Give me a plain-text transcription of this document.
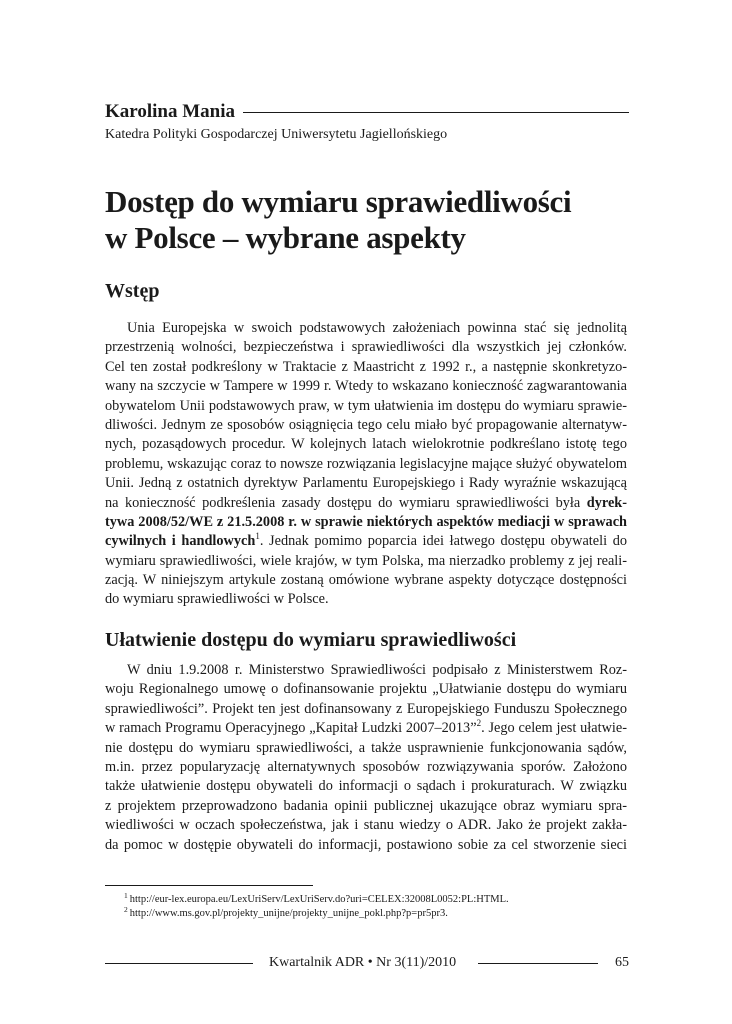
Karolina Mania
Katedra Polityki Gospodarczej Uniwersytetu Jagiellońskiego
Dostęp do wymiaru sprawiedliwości
w Polsce – wybrane aspekty
Wstęp
Unia Europejska w swoich podstawowych założeniach powinna stać się jednolitą
przestrzenią wolności, bezpieczeństwa i sprawiedliwości dla wszystkich jej członków.
Cel ten został podkreślony w Traktacie z Maastricht z 1992 r., a następnie skonkretyzo-
wany na szczycie w Tampere w 1999 r. Wtedy to wskazano konieczność zagwarantowania
obywatelom Unii podstawowych praw, w tym ułatwienia im dostępu do wymiaru sprawie-
dliwości. Jednym ze sposobów osiągnięcia tego celu miało być propagowanie alternatyw-
nych, pozasądowych procedur. W kolejnych latach wielokrotnie podkreślano istotę tego
problemu, wskazując coraz to nowsze rozwiązania legislacyjne mające służyć obywatelom
Unii. Jedną z ostatnich dyrektyw Parlamentu Europejskiego i Rady wyraźnie wskazującą
na konieczność podkreślenia zasady dostępu do wymiaru sprawiedliwości była dyrek-
tywa 2008/52/WE z 21.5.2008 r. w sprawie niektórych aspektów mediacji w sprawach
cywilnych i handlowych$^1$. Jednak pomimo poparcia idei łatwego dostępu obywateli do
wymiaru sprawiedliwości, wiele krajów, w tym Polska, ma nierzadko problemy z jej reali-
zacją. W niniejszym artykule zostaną omówione wybrane aspekty dotyczące dostępności
do wymiaru sprawiedliwości w Polsce.
Ułatwienie dostępu do wymiaru sprawiedliwości
W dniu 1.9.2008 r. Ministerstwo Sprawiedliwości podpisało z Ministerstwem Roz-
woju Regionalnego umowę o dofinansowanie projektu „Ułatwianie dostępu do wymiaru
sprawiedliwości”. Projekt ten jest dofinansowany z Europejskiego Funduszu Społecznego
w ramach Programu Operacyjnego „Kapitał Ludzki 2007–2013”$^2$. Jego celem jest ułatwie-
nie dostępu do wymiaru sprawiedliwości, a także usprawnienie funkcjonowania sądów,
m.in. przez popularyzację alternatywnych sposobów rozwiązywania sporów. Założono
także ułatwienie dostępu obywateli do informacji o sądach i prokuraturach. W związku
z projektem przeprowadzono badania opinii publicznej ukazujące obraz wymiaru spra-
wiedliwości w oczach społeczeństwa, jak i stanu wiedzy o ADR. Jako że projekt zakła-
da pomoc w dostępie obywateli do informacji, postawiono sobie za cel stworzenie sieci
$^1$ http://eur-lex.europa.eu/LexUriServ/LexUriServ.do?uri=CELEX:32008L0052:PL:HTML.
$^2$ http://www.ms.gov.pl/projekty_unijne/projekty_unijne_pokl.php?p=pr5pr3.
Kwartalnik ADR • Nr 3(11)/2010	65
